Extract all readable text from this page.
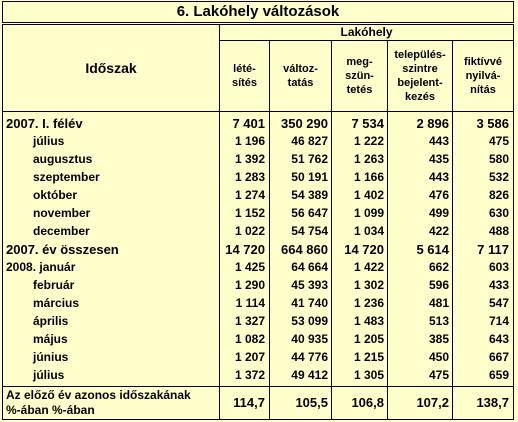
6. Lakóhely változások
Időszak
Lakóhely
lété-
sítés
változ-
tatás
meg-
szün-
tetés
település-
szintre
bejelent-
kezés
fiktívvé
nyilvá-
nítás
2007. I. félév	7 401	350 290	7 534	2 896	3 586
július	1 196	46 827	1 222	443	475
augusztus	1 392	51 762	1 263	435	580
szeptember	1 283	50 191	1 166	443	532
október	1 274	54 389	1 402	476	826
november	1 152	56 647	1 099	499	630
december	1 022	54 754	1 034	422	488
2007. év összesen	14 720	664 860	14 720	5 614	7 117
2008. január	1 425	64 664	1 422	662	603
február	1 290	45 393	1 302	596	433
március	1 114	41 740	1 236	481	547
április	1 327	53 099	1 483	513	714
május	1 082	40 935	1 205	385	643
június	1 207	44 776	1 215	450	667
július	1 372	49 412	1 305	475	659
Az előző év azonos időszakának
%-ában %-ában	114,7	105,5	106,8	107,2	138,7
